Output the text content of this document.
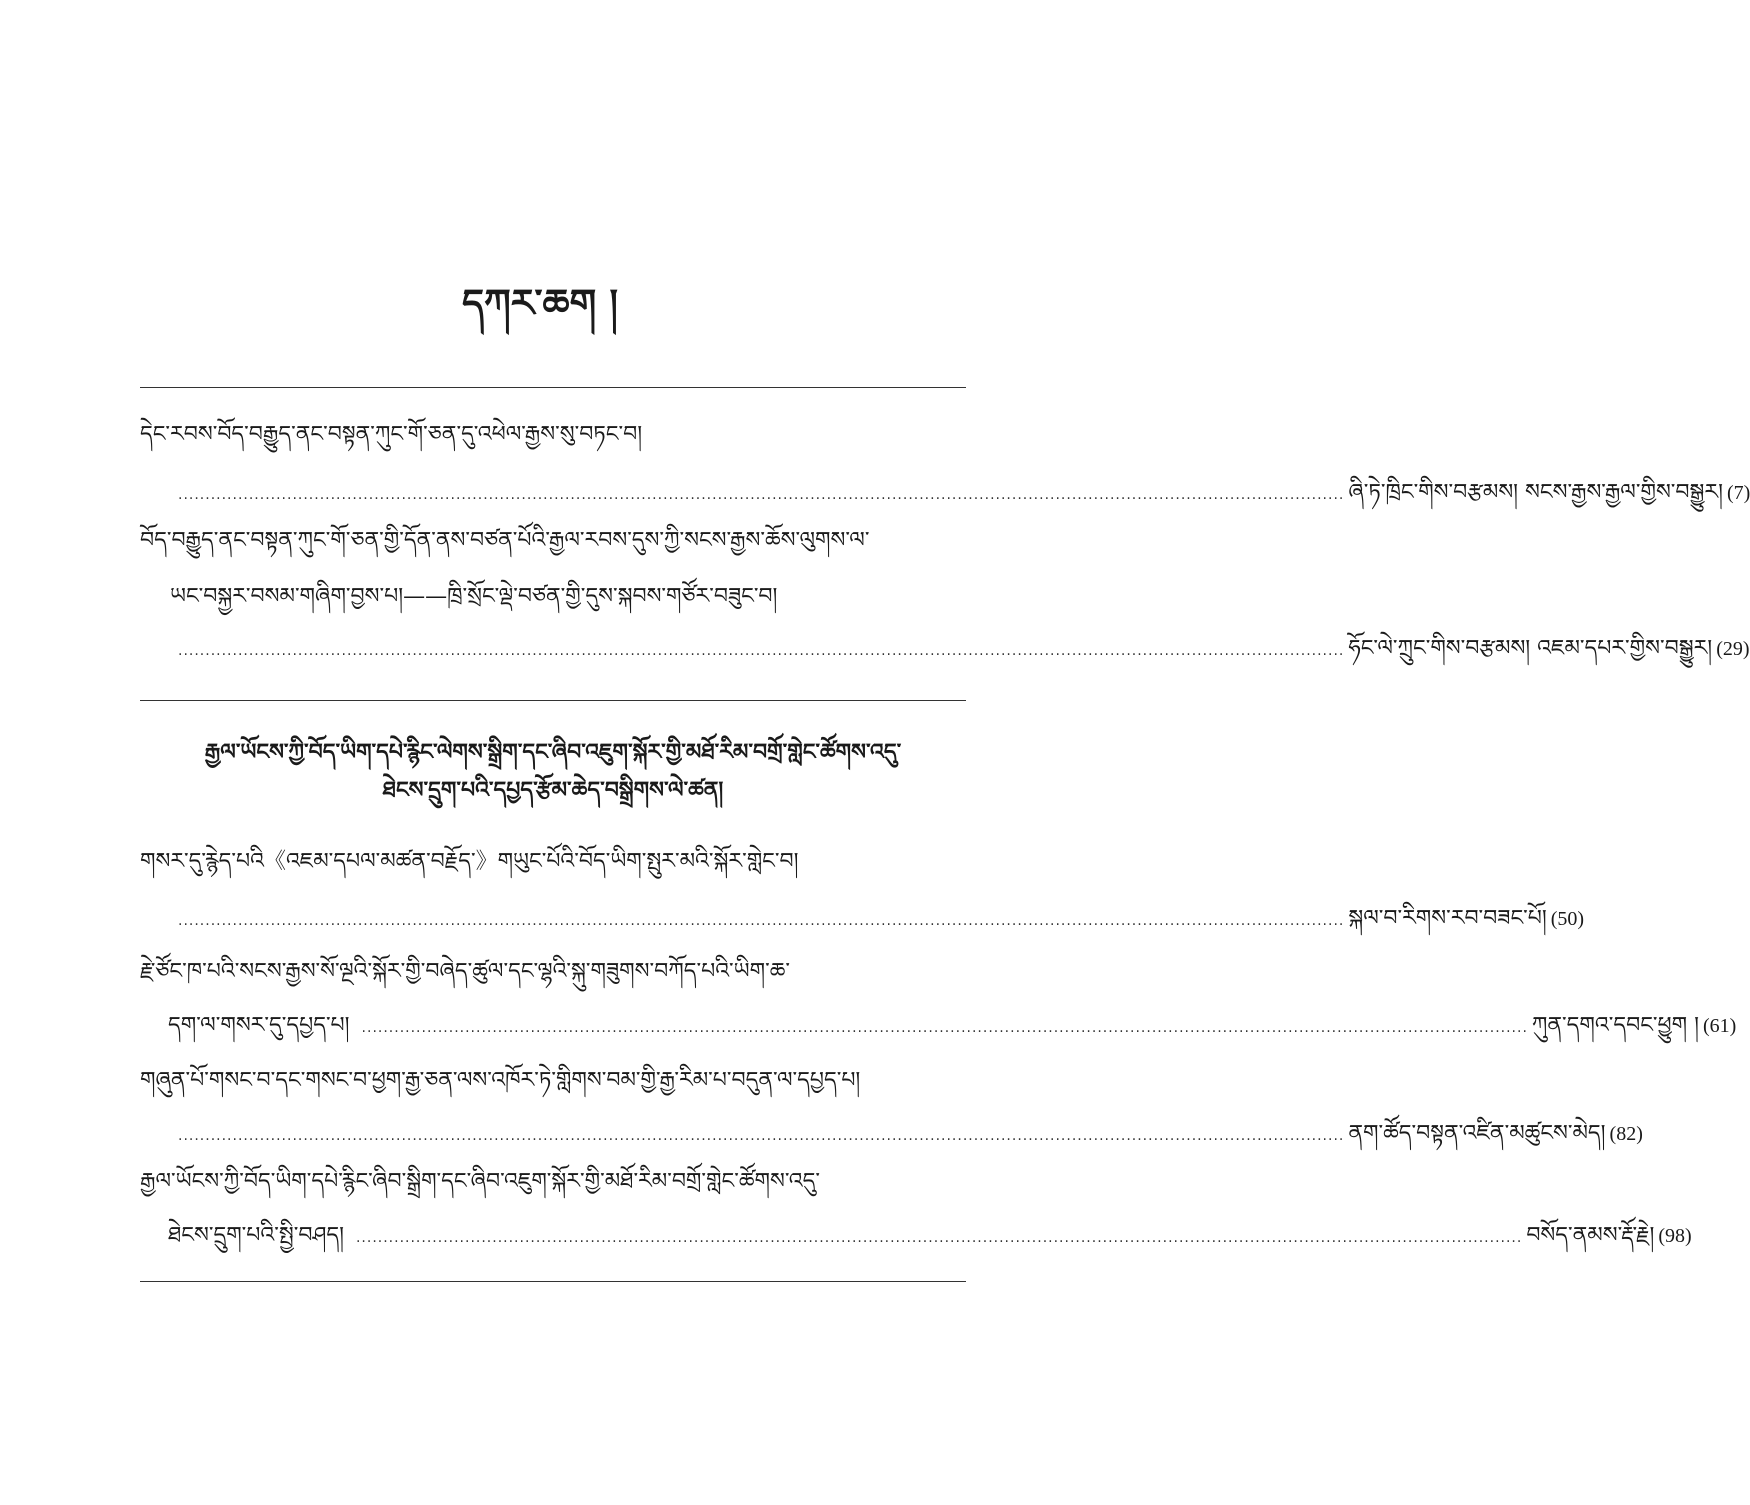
དཀར་ཆག །
དེང་རབས་བོད་བརྒྱུད་ནང་བསྟན་ཀུང་གོ་ཅན་དུ་འཕེལ་རྒྱས་སུ་བཏང་བ།
...................................................................................................................................................................................................................... ཞི་ཏེ་ཁྲིང་གིས་བརྩམས། སངས་རྒྱས་རྒྱལ་གྱིས་བསྒྱུར། (7)
བོད་བརྒྱུད་ནང་བསྟན་ཀུང་གོ་ཅན་གྱི་དོན་ནས་བཙན་པོའི་རྒྱལ་རབས་དུས་ཀྱི་སངས་རྒྱས་ཆོས་ལུགས་ལ་
ཡང་བསྐྱར་བསམ་གཞིག་བྱས་པ།——ཁྲི་སྲོང་ལྡེ་བཙན་གྱི་དུས་སྐབས་གཙོར་བཟུང་བ།
...................................................................................................................................................................................................................... ཧོང་ལེ་ཀྲུང་གིས་བརྩམས། འཇམ་དཔར་གྱིས་བསྒྱུར། (29)
རྒྱལ་ཡོངས་ཀྱི་བོད་ཡིག་དཔེ་རྙིང་ལེགས་སྒྲིག་དང་ཞིབ་འཇུག་སྐོར་གྱི་མཐོ་རིམ་བགྲོ་གླེང་ཚོགས་འདུ་
ཐེངས་དྲུག་པའི་དཔྱད་རྩོམ་ཆེད་བསྒྲིགས་ལེ་ཚན།
གསར་དུ་རྙེད་པའི《འཇམ་དཔལ་མཚན་བརྗོད་》གཡུང་པོའི་བོད་ཡིག་སྤུར་མའི་སྐོར་གླེང་བ།
...................................................................................................................................................................................................................... སྐལ་བ་རིགས་རབ་བཟང་པོ། (50)
རྗེ་ཙོང་ཁ་པའི་སངས་རྒྱས་སོ་ལྔའི་སྐོར་གྱི་བཞེད་ཚུལ་དང་ལྷའི་སྐུ་གཟུགས་བཀོད་པའི་ཡིག་ཆ་
དག་ལ་གསར་དུ་དཔྱད་པ། ...................................................................................................................................................................................................................... ཀུན་དགའ་དབང་ཕྱུག ། (61)
གཞུན་པོ་གསང་བ་དང་གསང་བ་ཕྱག་རྒྱ་ཅན་ལས་འཁོར་ཏེ་གླིགས་བམ་གྱི་རྒྱ་རིམ་པ་བདུན་ལ་དཔྱད་པ།
...................................................................................................................................................................................................................... ནག་ཚོད་བསྟན་འཛིན་མཚུངས་མེད། (82)
རྒྱལ་ཡོངས་ཀྱི་བོད་ཡིག་དཔེ་རྙིང་ཞིབ་སྒྲིག་དང་ཞིབ་འཇུག་སྐོར་གྱི་མཐོ་རིམ་བགྲོ་གླེང་ཚོགས་འདུ་
ཐེངས་དྲུག་པའི་སྤྱི་བཤད། ...................................................................................................................................................................................................................... བསོད་ནམས་རྡོ་རྗེ། (98)
